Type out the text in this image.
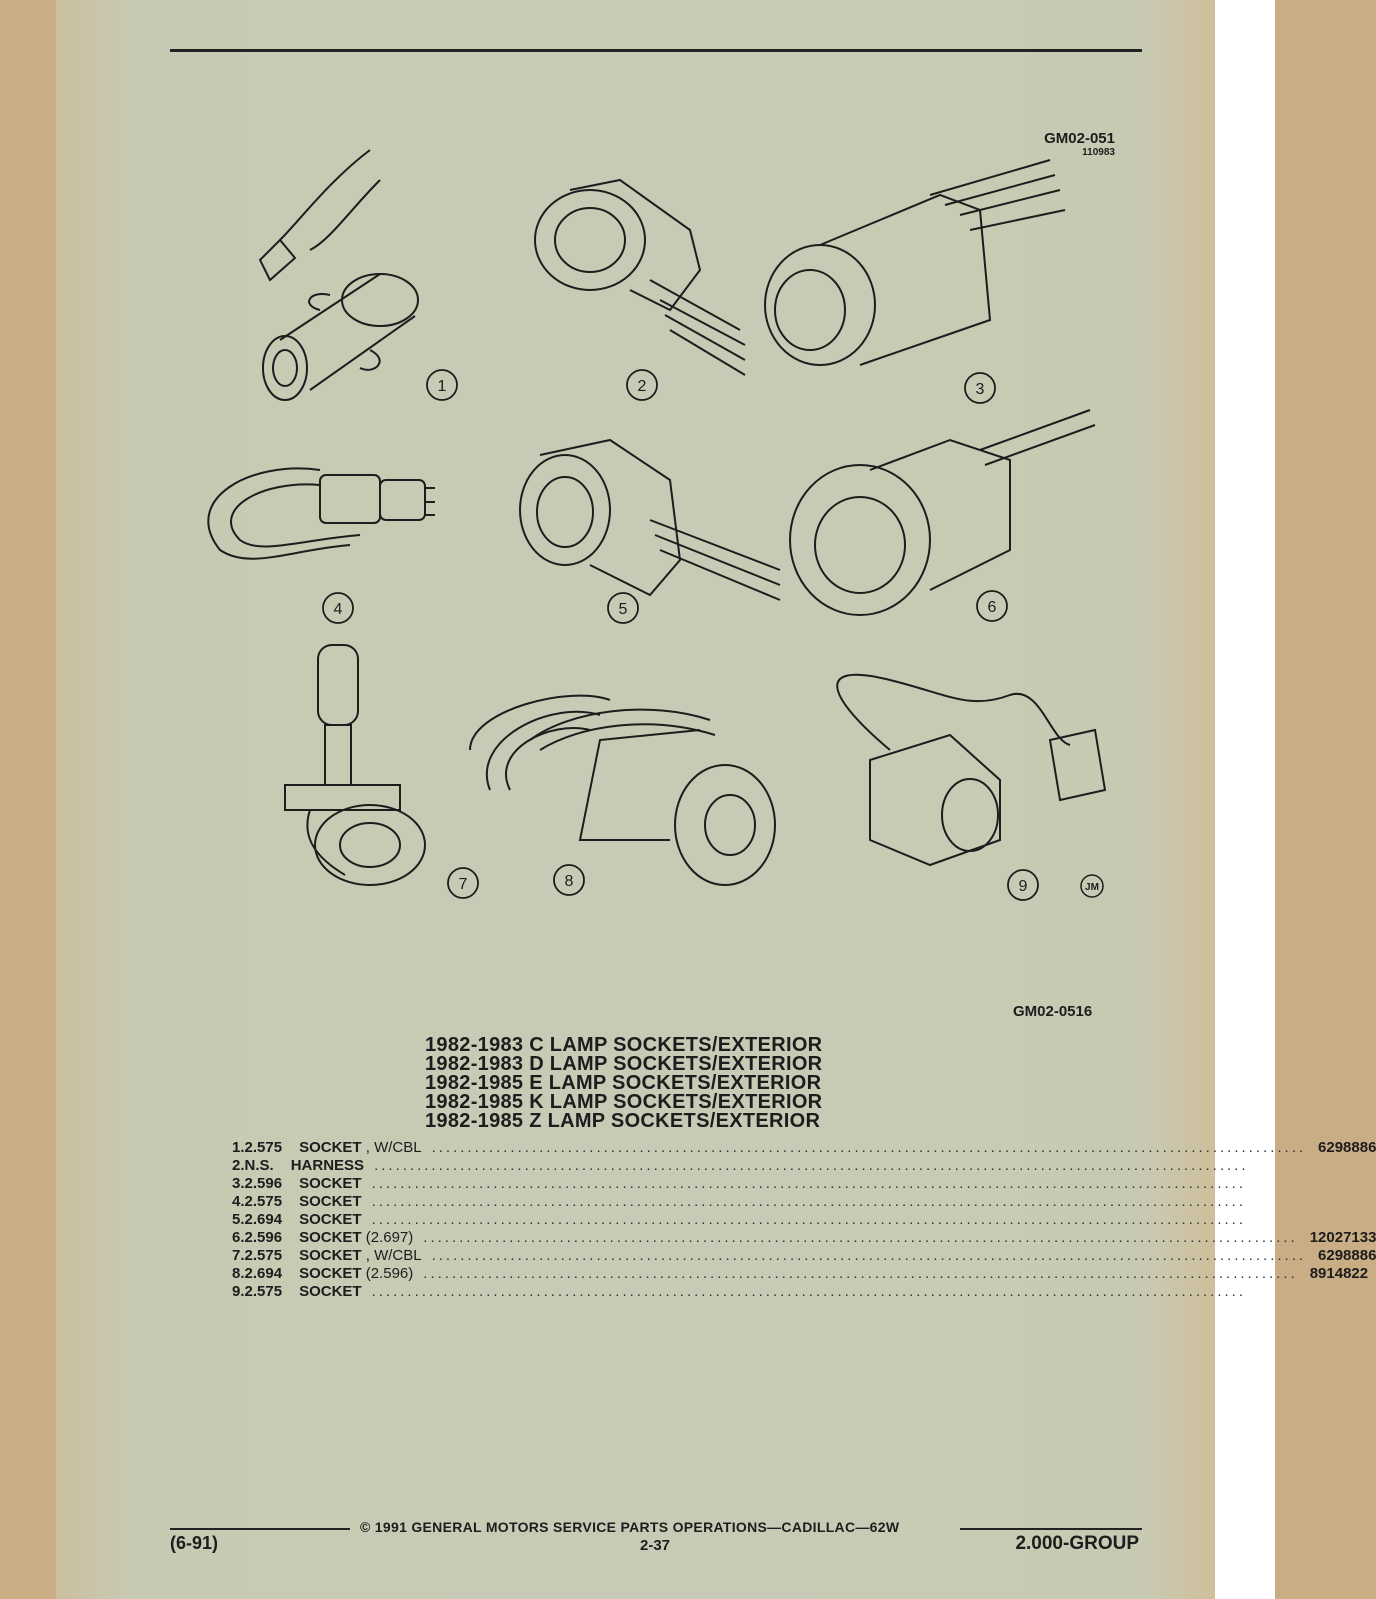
GM02-051
110983
1	2	3
4	5	6
7	8	9	JM
GM02-0516
1982-1983 C LAMP SOCKETS/EXTERIOR
1982-1983 D LAMP SOCKETS/EXTERIOR
1982-1985 E LAMP SOCKETS/EXTERIOR
1982-1985 K LAMP SOCKETS/EXTERIOR
1982-1985 Z LAMP SOCKETS/EXTERIOR
1. 2.575 SOCKET , W/CBL .......................................................................................................................... 6298886
2. N.S. HARNESS ..........................................................................................................................
3. 2.596 SOCKET ..........................................................................................................................
4. 2.575 SOCKET ..........................................................................................................................
5. 2.694 SOCKET ..........................................................................................................................
6. 2.596 SOCKET (2.697) .......................................................................................................................... 12027133
7. 2.575 SOCKET , W/CBL .......................................................................................................................... 6298886
8. 2.694 SOCKET (2.596) .......................................................................................................................... 8914822
9. 2.575 SOCKET ..........................................................................................................................
© 1991 GENERAL MOTORS SERVICE PARTS OPERATIONS—CADILLAC—62W
(6-91)	2-37	2.000-GROUP
